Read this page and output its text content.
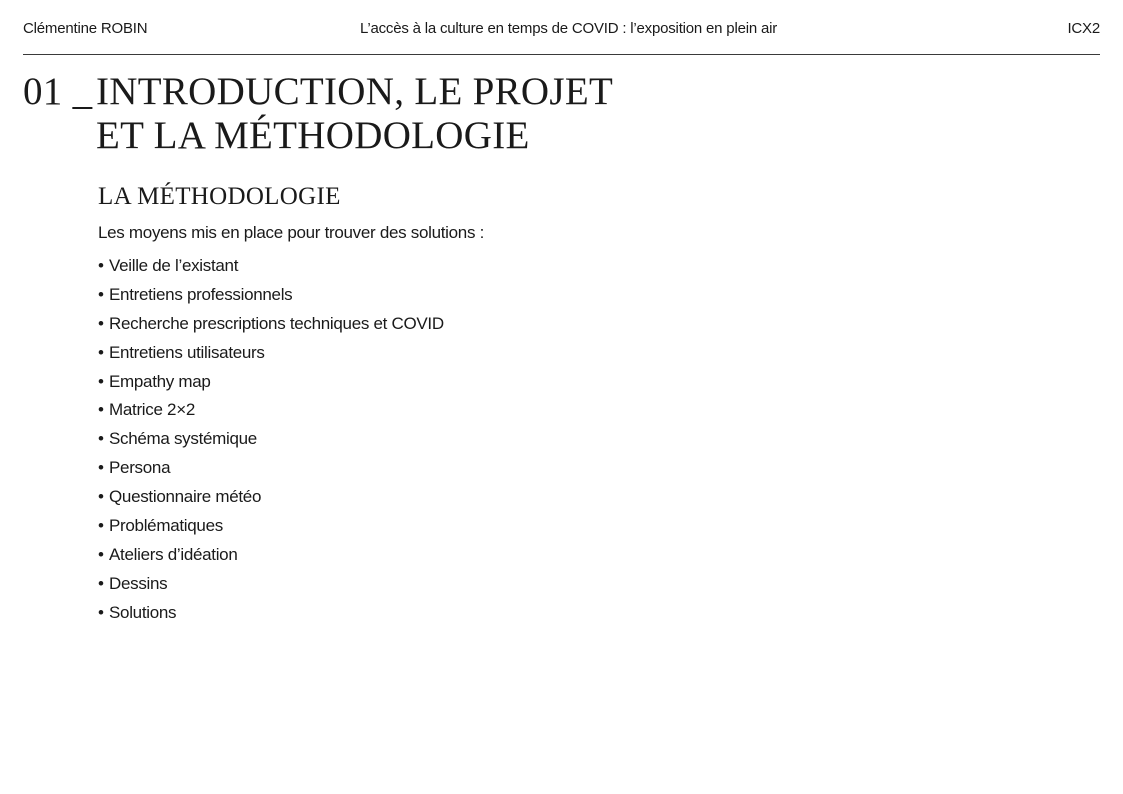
Clémentine ROBIN	L’accès à la culture en temps de COVID : l’exposition en plein air	ICX2
01 _INTRODUCTION, LE PROJET
ET LA MÉTHODOLOGIE
LA MÉTHODOLOGIE

Les moyens mis en place pour trouver des solutions :

• Veille de l’existant
• Entretiens professionnels
• Recherche prescriptions techniques et COVID
• Entretiens utilisateurs
• Empathy map
• Matrice 2×2
• Schéma systémique
• Persona
• Questionnaire météo
• Problématiques
• Ateliers d’idéation
• Dessins
• Solutions
